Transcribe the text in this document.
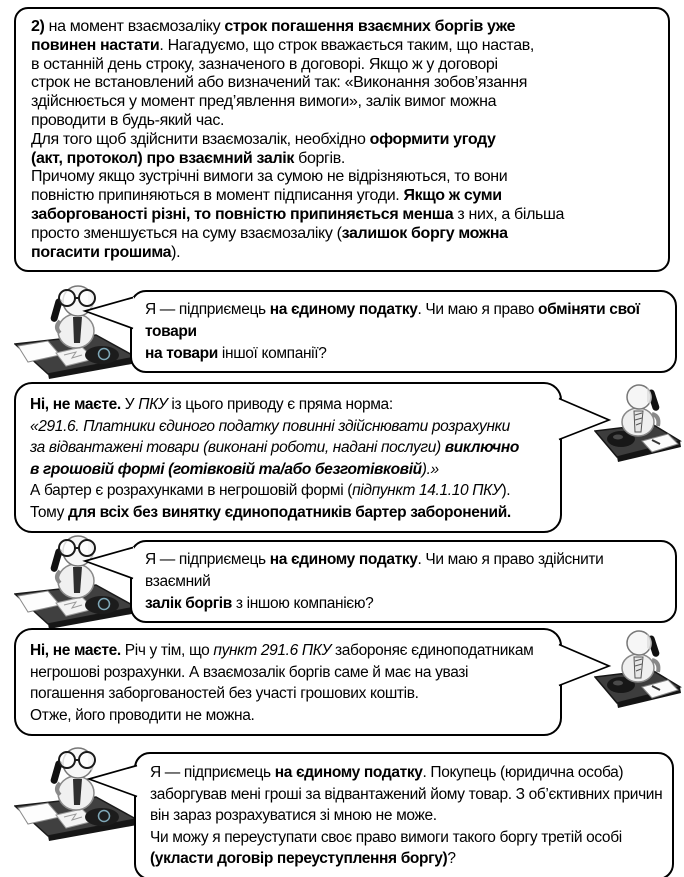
2) на момент взаємозаліку строк погашення взаємних боргів уже
повинен настати. Нагадуємо, що строк вважається таким, що настав,
в останній день строку, зазначеного в договорі. Якщо ж у договорі
строк не встановлений або визначений так: «Виконання зобов’язання
здійснюється у момент пред’явлення вимоги», залік вимог можна
проводити в будь-який час.
Для того щоб здійснити взаємозалік, необхідно оформити угоду
(акт, протокол) про взаємний залік боргів.
Причому якщо зустрічні вимоги за сумою не відрізняються, то вони
повністю припиняються в момент підписання угоди. Якщо ж суми
заборгованості різні, то повністю припиняється менша з них, а більша
просто зменшується на суму взаємозаліку (залишок боргу можна
погасити грошима).

Я — підприємець на єдиному податку. Чи маю я право обміняти свої товари
на товари іншої компанії?

Ні, не маєте. У ПКУ із цього приводу є пряма норма:
«291.6. Платники єдиного податку повинні здійснювати розрахунки
за відвантажені товари (виконані роботи, надані послуги) виключно
в грошовій формі (готівковій та/або безготівковій).»
А бартер є розрахунками в негрошовій формі (підпункт 14.1.10 ПКУ).
Тому для всіх без винятку єдиноподатників бартер заборонений.

Я — підприємець на єдиному податку. Чи маю я право здійснити взаємний
залік боргів з іншою компанією?

Ні, не маєте. Річ у тім, що пункт 291.6 ПКУ забороняє єдиноподатникам
негрошові розрахунки. А взаємозалік боргів саме й має на увазі
погашення заборгованостей без участі грошових коштів.
Отже, його проводити не можна.

Я — підприємець на єдиному податку. Покупець (юридична особа)
заборгував мені гроші за відвантажений йому товар. З об’єктивних причин
він зараз розрахуватися зі мною не може.
Чи можу я переуступати своє право вимоги такого боргу третій особі
(укласти договір переуступлення боргу)?
